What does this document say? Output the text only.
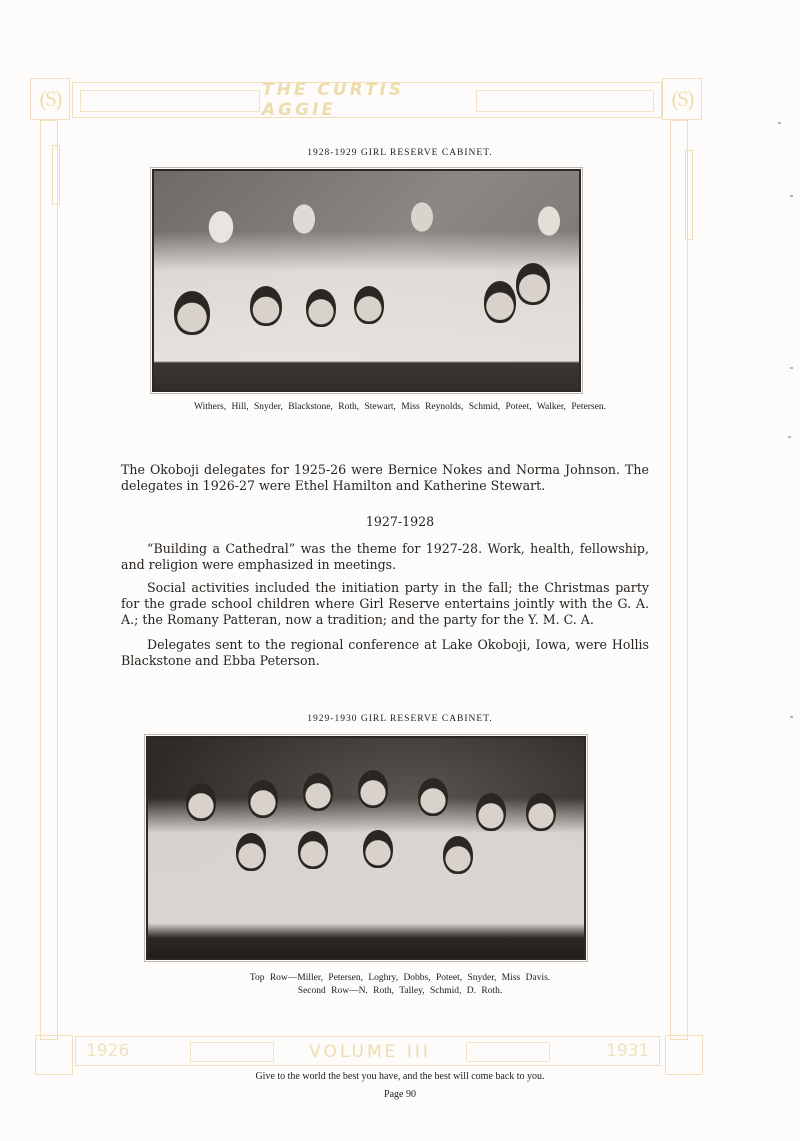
THE CURTIS AGGIE
(S)	(S)
1926	VOLUME III	1931
1928-1929 GIRL RESERVE CABINET.
Withers, Hill, Snyder, Blackstone, Roth, Stewart, Miss Reynolds, Schmid, Poteet, Walker, Petersen.

The Okoboji delegates for 1925-26 were Bernice Nokes and Norma Johnson. The delegates in 1926-27 were Ethel Hamilton and Katherine Stewart.

1927-1928

“Building a Cathedral” was the theme for 1927-28. Work, health, fellowship, and religion were emphasized in meetings.

Social activities included the initiation party in the fall; the Christmas party for the grade school children where Girl Reserve entertains jointly with the G. A. A.; the Romany Patteran, now a tradition; and the party for the Y. M. C. A.

Delegates sent to the regional conference at Lake Okoboji, Iowa, were Hollis Blackstone and Ebba Peterson.

1929-1930 GIRL RESERVE CABINET.
Top Row—Miller, Petersen, Loghry, Dobbs, Poteet, Snyder, Miss Davis.
Second Row—N. Roth, Talley, Schmid, D. Roth.
Give to the world the best you have, and the best will come back to you.
Page 90
